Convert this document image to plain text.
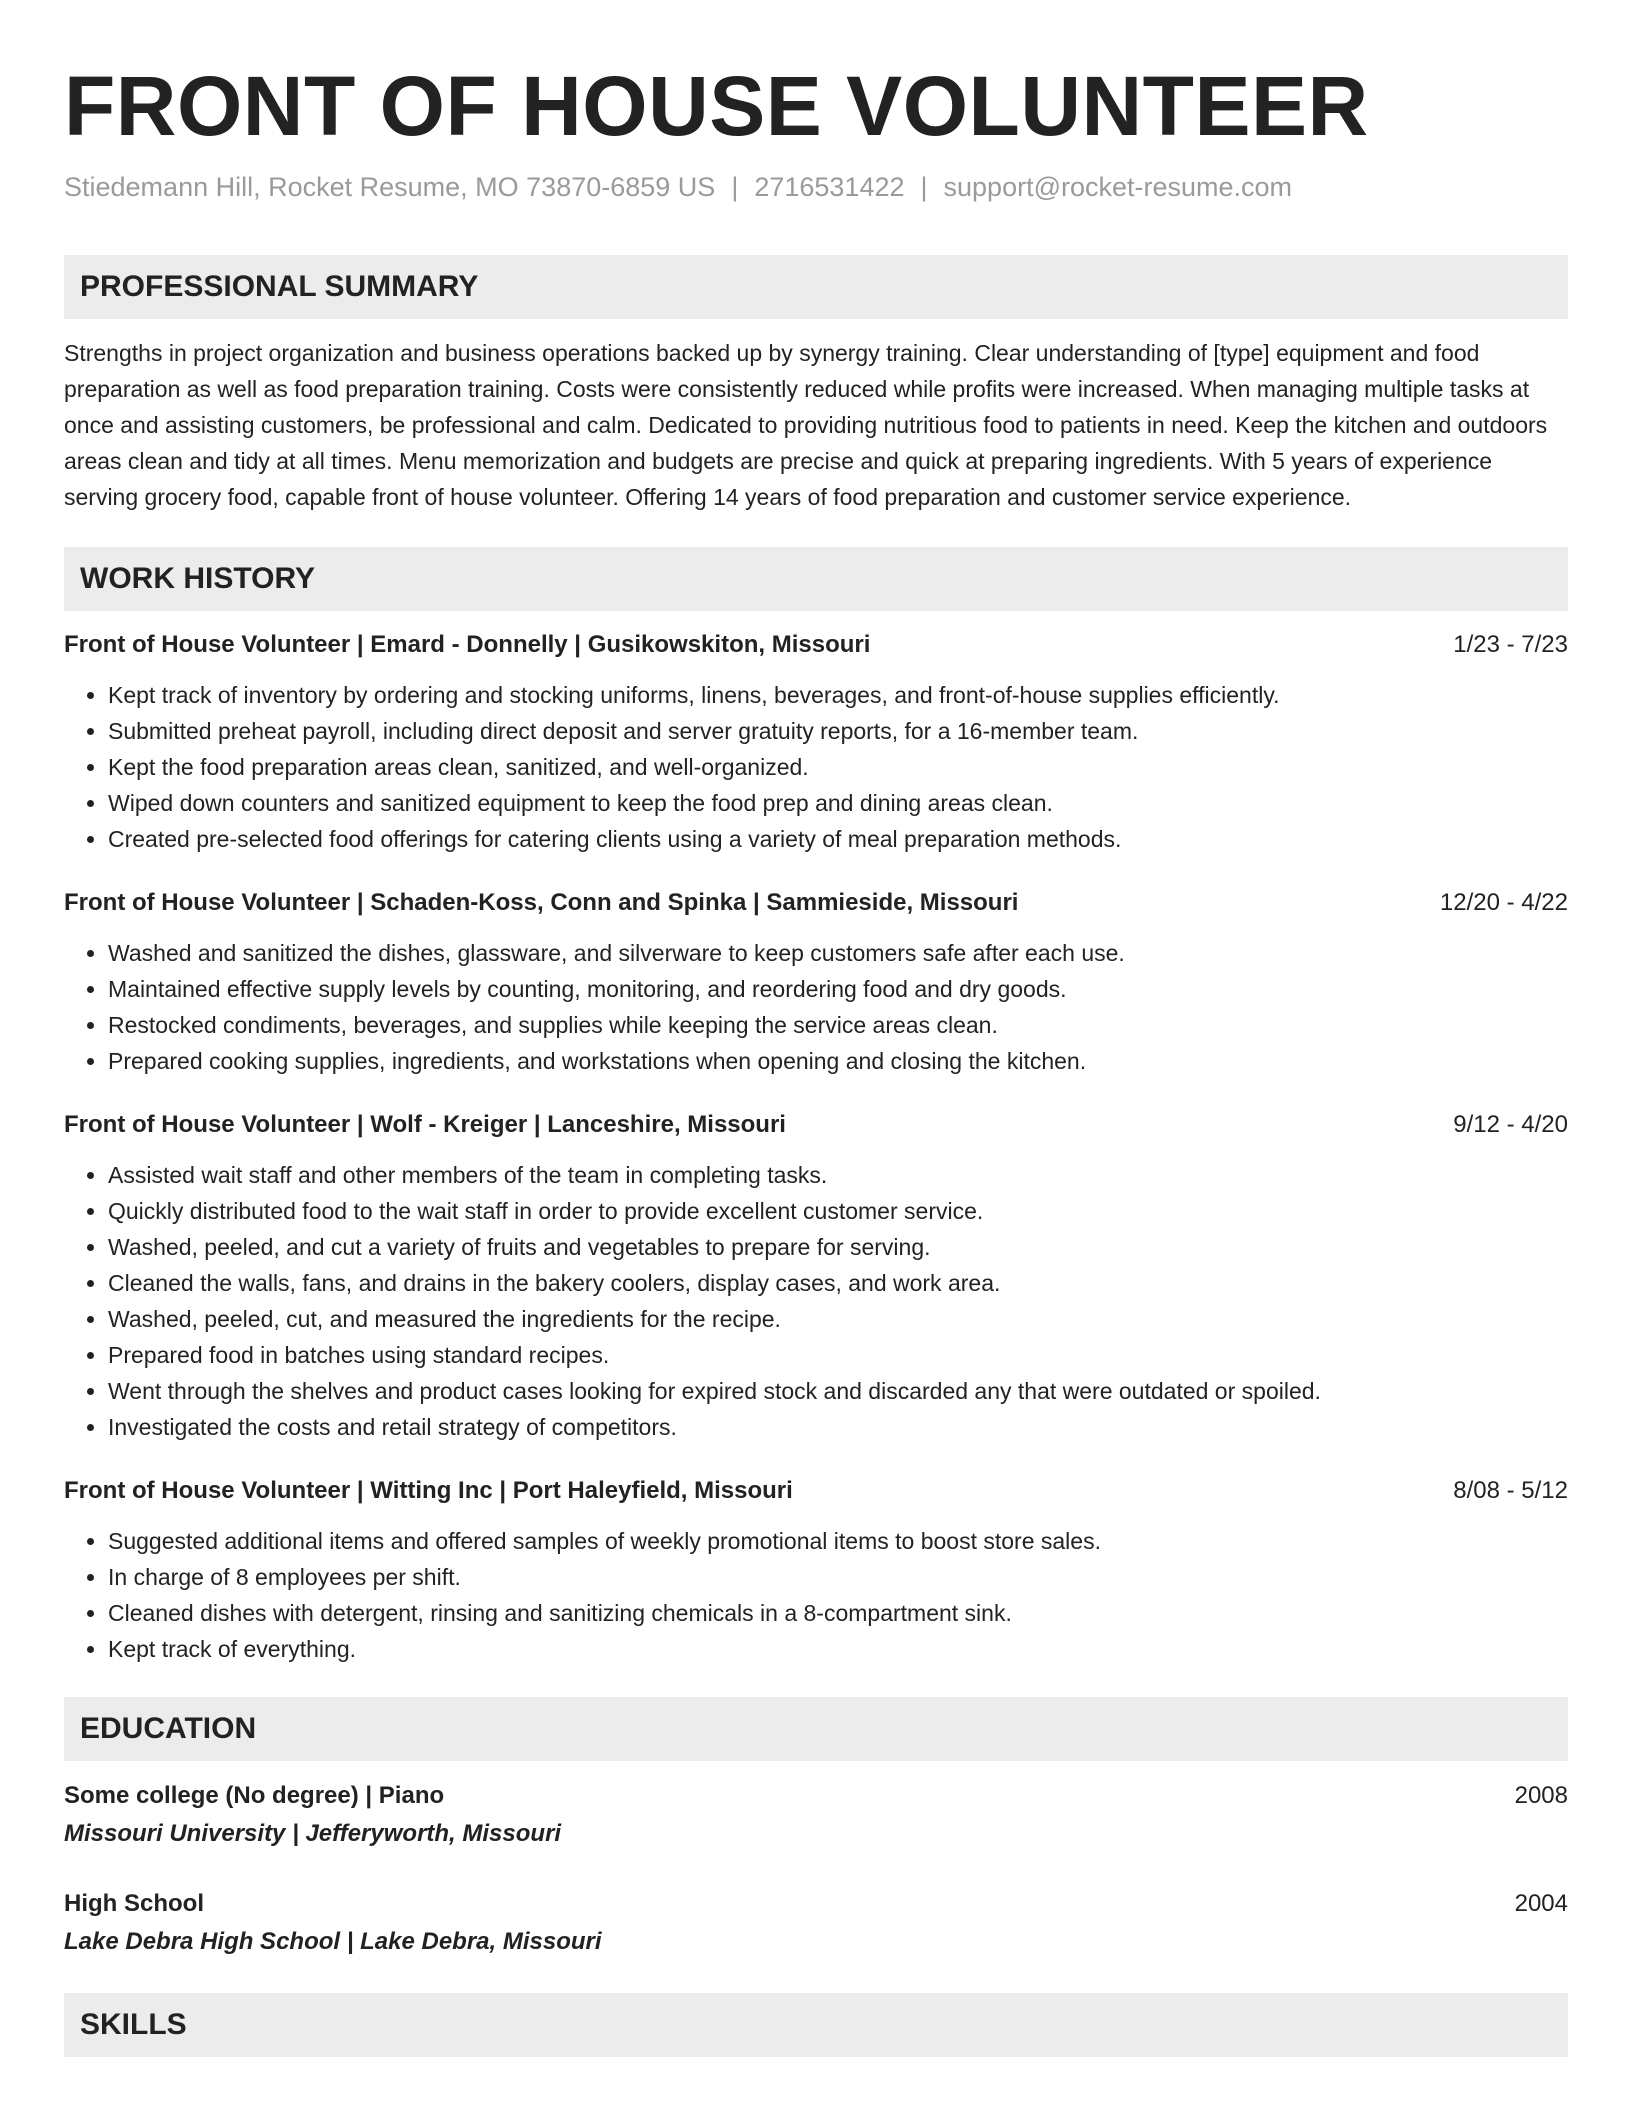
FRONT OF HOUSE VOLUNTEER
Stiedemann Hill, Rocket Resume, MO 73870-6859 US | 2716531422 | support@rocket-resume.com
PROFESSIONAL SUMMARY
Strengths in project organization and business operations backed up by synergy training. Clear understanding of [type] equipment and food preparation as well as food preparation training. Costs were consistently reduced while profits were increased. When managing multiple tasks at once and assisting customers, be professional and calm. Dedicated to providing nutritious food to patients in need. Keep the kitchen and outdoors areas clean and tidy at all times. Menu memorization and budgets are precise and quick at preparing ingredients. With 5 years of experience serving grocery food, capable front of house volunteer. Offering 14 years of food preparation and customer service experience.
WORK HISTORY
Front of House Volunteer | Emard - Donnelly | Gusikowskiton, Missouri	1/23 - 7/23
• Kept track of inventory by ordering and stocking uniforms, linens, beverages, and front-of-house supplies efficiently.
• Submitted preheat payroll, including direct deposit and server gratuity reports, for a 16-member team.
• Kept the food preparation areas clean, sanitized, and well-organized.
• Wiped down counters and sanitized equipment to keep the food prep and dining areas clean.
• Created pre-selected food offerings for catering clients using a variety of meal preparation methods.
Front of House Volunteer | Schaden-Koss, Conn and Spinka | Sammieside, Missouri	12/20 - 4/22
• Washed and sanitized the dishes, glassware, and silverware to keep customers safe after each use.
• Maintained effective supply levels by counting, monitoring, and reordering food and dry goods.
• Restocked condiments, beverages, and supplies while keeping the service areas clean.
• Prepared cooking supplies, ingredients, and workstations when opening and closing the kitchen.
Front of House Volunteer | Wolf - Kreiger | Lanceshire, Missouri	9/12 - 4/20
• Assisted wait staff and other members of the team in completing tasks.
• Quickly distributed food to the wait staff in order to provide excellent customer service.
• Washed, peeled, and cut a variety of fruits and vegetables to prepare for serving.
• Cleaned the walls, fans, and drains in the bakery coolers, display cases, and work area.
• Washed, peeled, cut, and measured the ingredients for the recipe.
• Prepared food in batches using standard recipes.
• Went through the shelves and product cases looking for expired stock and discarded any that were outdated or spoiled.
• Investigated the costs and retail strategy of competitors.
Front of House Volunteer | Witting Inc | Port Haleyfield, Missouri	8/08 - 5/12
• Suggested additional items and offered samples of weekly promotional items to boost store sales.
• In charge of 8 employees per shift.
• Cleaned dishes with detergent, rinsing and sanitizing chemicals in a 8-compartment sink.
• Kept track of everything.
EDUCATION
Some college (No degree) | Piano	2008
Missouri University | Jefferyworth, Missouri
High School	2004
Lake Debra High School | Lake Debra, Missouri
SKILLS
